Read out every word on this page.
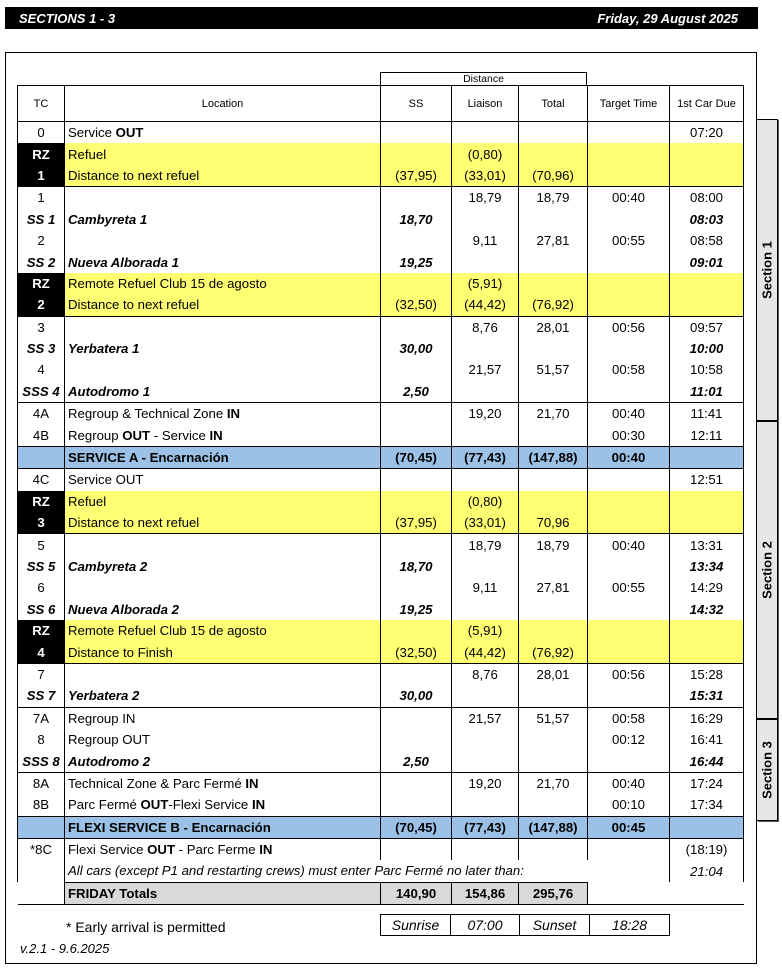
SECTIONS 1 - 3	Friday, 29 August 2025
Distance
TC	Location	SS	Liaison	Total	Target Time	1st Car Due
0	Service OUT					07:20
RZ	Refuel		(0,80)			
1	Distance to next refuel	(37,95)	(33,01)	(70,96)		
1			18,79	18,79	00:40	08:00
SS 1	Cambyreta 1	18,70				08:03
2			9,11	27,81	00:55	08:58
SS 2	Nueva Alborada 1	19,25				09:01
RZ	Remote Refuel Club 15 de agosto		(5,91)			
2	Distance to next refuel	(32,50)	(44,42)	(76,92)		
3			8,76	28,01	00:56	09:57
SS 3	Yerbatera 1	30,00				10:00
4			21,57	51,57	00:58	10:58
SSS 4	Autodromo 1	2,50				11:01
4A	Regroup & Technical Zone IN		19,20	21,70	00:40	11:41
4B	Regroup OUT - Service IN				00:30	12:11
	SERVICE A - Encarnación	(70,45)	(77,43)	(147,88)	00:40	
4C	Service OUT					12:51
RZ	Refuel		(0,80)			
3	Distance to next refuel	(37,95)	(33,01)	70,96		
5			18,79	18,79	00:40	13:31
SS 5	Cambyreta 2	18,70				13:34
6			9,11	27,81	00:55	14:29
SS 6	Nueva Alborada 2	19,25				14:32
RZ	Remote Refuel Club 15 de agosto		(5,91)			
4	Distance to Finish	(32,50)	(44,42)	(76,92)		
7			8,76	28,01	00:56	15:28
SS 7	Yerbatera 2	30,00				15:31
7A	Regroup IN		21,57	51,57	00:58	16:29
8	Regroup OUT				00:12	16:41
SSS 8	Autodromo 2	2,50				16:44
8A	Technical Zone & Parc Fermé IN		19,20	21,70	00:40	17:24
8B	Parc Fermé OUT-Flexi Service IN				00:10	17:34
	FLEXI SERVICE B - Encarnación	(70,45)	(77,43)	(147,88)	00:45	
*8C	Flexi Service OUT - Parc Ferme IN					(18:19)
	All cars (except P1 and restarting crews) must enter Parc Fermé no later than:					21:04
	FRIDAY Totals	140,90	154,86	295,76		
Section 1
Section 2
Section 3
* Early arrival is permitted
v.2.1 - 9.6.2025
Sunrise	07:00	Sunset	18:28
